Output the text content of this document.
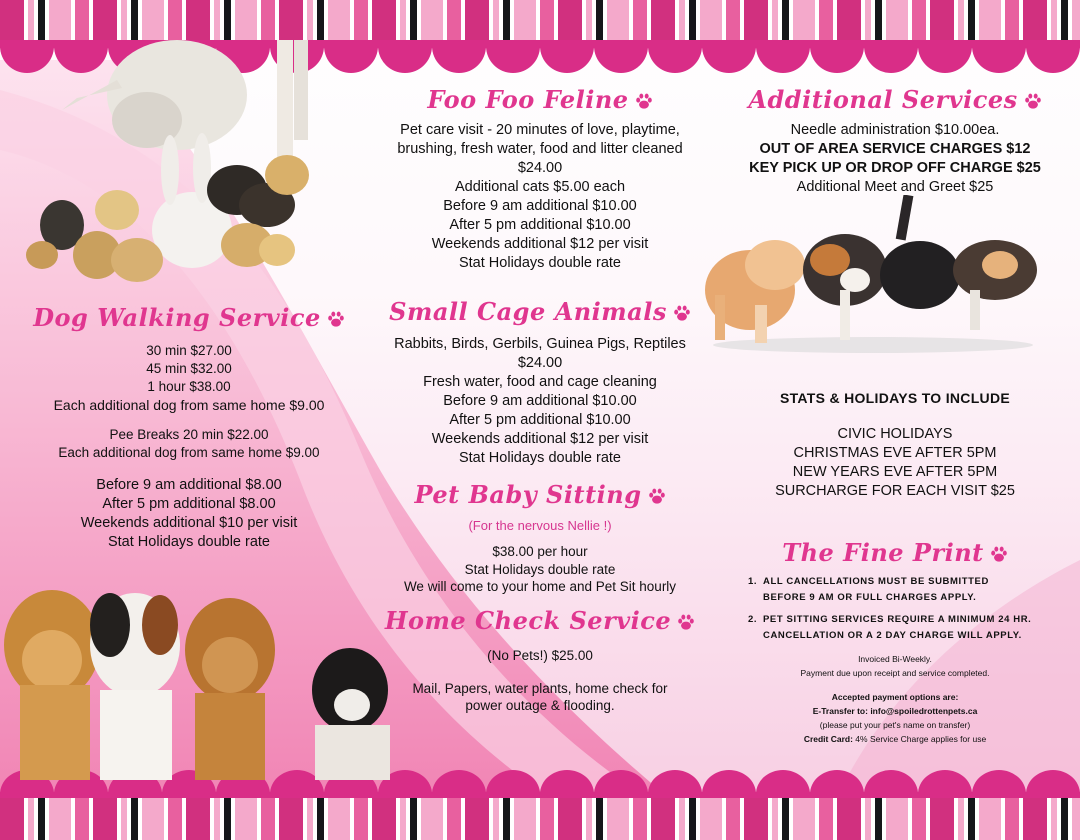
Foo Foo Feline
Pet care visit - 20 minutes of love, playtime,
brushing, fresh water, food and litter cleaned
$24.00
Additional cats $5.00 each
Before 9 am additional $10.00
After 5 pm additional $10.00
Weekends additional $12 per visit
Stat Holidays double rate
Small Cage Animals
Rabbits, Birds, Gerbils, Guinea Pigs, Reptiles
$24.00
Fresh water, food and cage cleaning
Before 9 am additional $10.00
After 5 pm additional $10.00
Weekends additional $12 per visit
Stat Holidays double rate
Pet Baby Sitting
(For the nervous Nellie !)
$38.00 per hour
Stat Holidays double rate
We will come to your home and Pet Sit hourly
Home Check Service
(No Pets!) $25.00
Mail, Papers, water plants, home check for
power outage & flooding.
Dog Walking Service
30 min $27.00
45 min $32.00
1 hour $38.00
Each additional dog from same home $9.00
Pee Breaks 20 min $22.00
Each additional dog from same home $9.00
Before 9 am additional $8.00
After 5 pm additional $8.00
Weekends additional $10 per visit
Stat Holidays double rate
Additional Services
Needle administration $10.00ea.
OUT OF AREA SERVICE CHARGES $12
KEY PICK UP OR DROP OFF CHARGE $25
Additional Meet and Greet $25
STATS & HOLIDAYS TO INCLUDE
CIVIC HOLIDAYS
CHRISTMAS EVE AFTER 5PM
NEW YEARS EVE AFTER 5PM
SURCHARGE FOR EACH VISIT $25
The Fine Print
1. ALL CANCELLATIONS MUST BE SUBMITTED
BEFORE 9 AM OR FULL CHARGES APPLY.
2. PET SITTING SERVICES REQUIRE A MINIMUM 24 HR.
CANCELLATION OR A 2 DAY CHARGE WILL APPLY.
Invoiced Bi-Weekly.
Payment due upon receipt and service completed.
Accepted payment options are:
E-Transfer to: info@spoiledrottenpets.ca
(please put your pet's name on transfer)
Credit Card: 4% Service Charge applies for use
